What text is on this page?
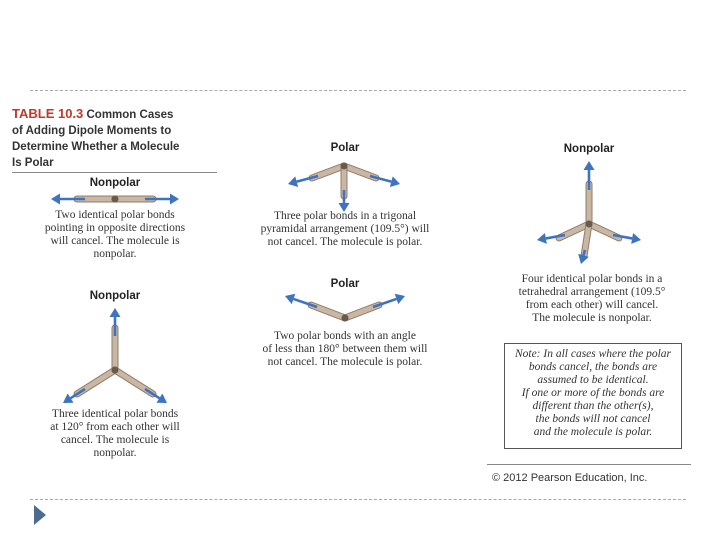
TABLE 10.3 Common Cases
of Adding Dipole Moments to
Determine Whether a Molecule
Is Polar
Nonpolar
Two identical polar bonds
pointing in opposite directions
will cancel. The molecule is
nonpolar.
Nonpolar
Three identical polar bonds
at 120° from each other will
cancel. The molecule is
nonpolar.
Polar
Three polar bonds in a trigonal
pyramidal arrangement (109.5°) will
not cancel. The molecule is polar.
Polar
Two polar bonds with an angle
of less than 180° between them will
not cancel. The molecule is polar.
Nonpolar
Four identical polar bonds in a
tetrahedral arrangement (109.5°
from each other) will cancel.
The molecule is nonpolar.
Note: In all cases where the polar
bonds cancel, the bonds are
assumed to be identical.
If one or more of the bonds are
different than the other(s),
the bonds will not cancel
and the molecule is polar.
© 2012 Pearson Education, Inc.
